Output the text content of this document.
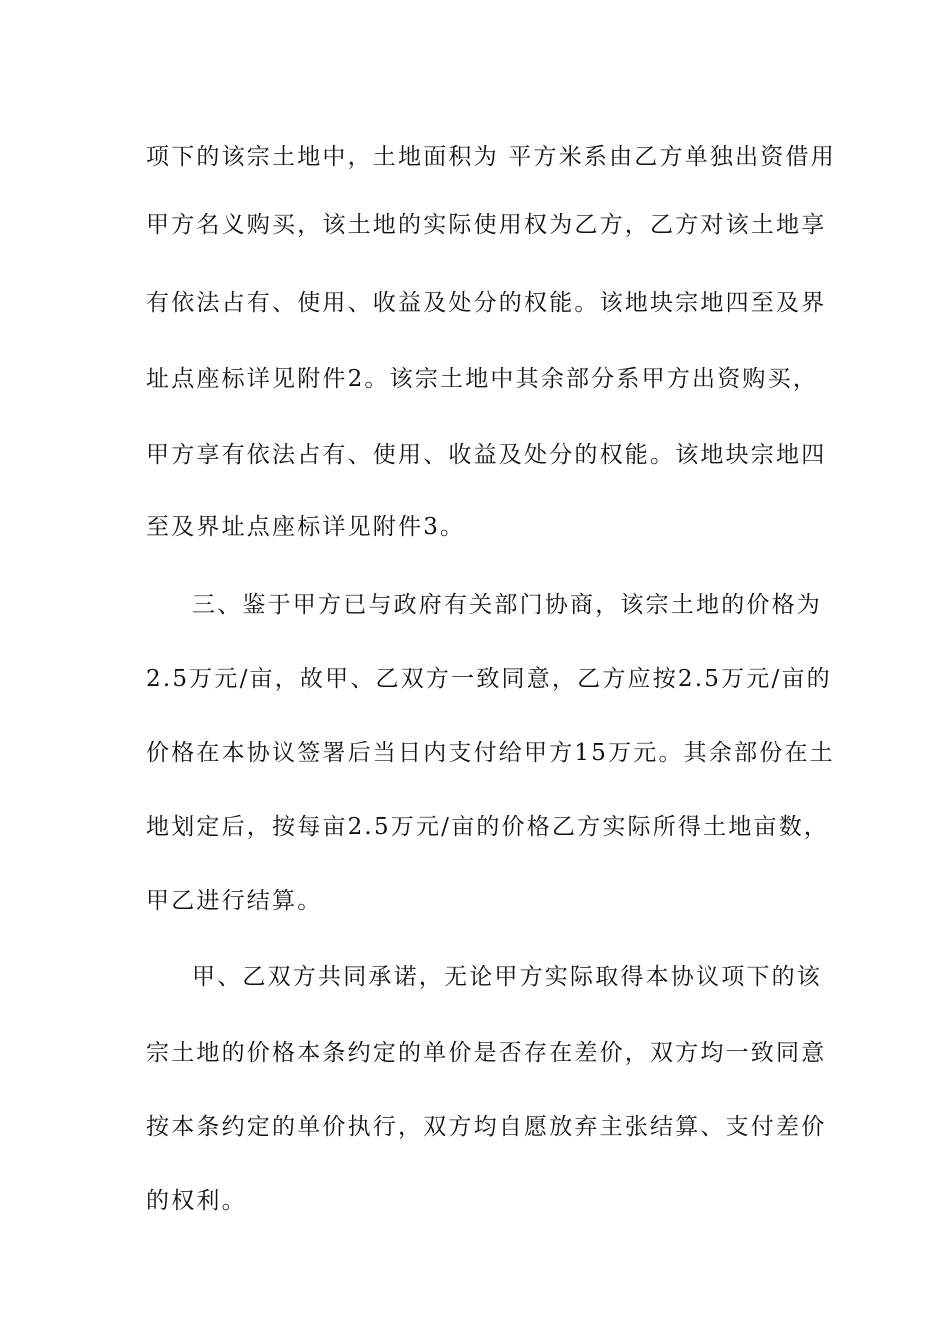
项下的该宗土地中，土地面积为 平方米系由乙方单独出资借用

甲方名义购买，该土地的实际使用权为乙方，乙方对该土地享

有依法占有、使用、收益及处分的权能。该地块宗地四至及界

址点座标详见附件2。该宗土地中其余部分系甲方出资购买，

甲方享有依法占有、使用、收益及处分的权能。该地块宗地四

至及界址点座标详见附件3。

三、鉴于甲方已与政府有关部门协商，该宗土地的价格为

2.5万元/亩，故甲、乙双方一致同意，乙方应按2.5万元/亩的

价格在本协议签署后当日内支付给甲方15万元。其余部份在土

地划定后，按每亩2.5万元/亩的价格乙方实际所得土地亩数，

甲乙进行结算。

甲、乙双方共同承诺，无论甲方实际取得本协议项下的该

宗土地的价格本条约定的单价是否存在差价，双方均一致同意

按本条约定的单价执行，双方均自愿放弃主张结算、支付差价

的权利。
